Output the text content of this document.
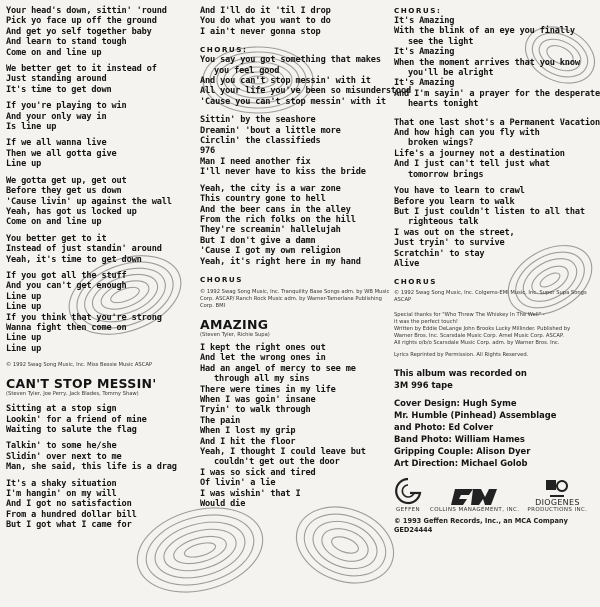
Your head's down, sittin' 'round
Pick yo face up off the ground
And get yo self together baby
And learn to stand tough
Come on and line up
We better get to it instead of
Just standing around
It's time to get down
If you're playing to win
And your only way in
Is line up
If we all wanna live
Then we all gotta give
Line up
We gotta get up, get out
Before they get us down
'Cause livin' up against the wall
Yeah, has got us locked up
Come on and line up
You better get to it
Instead of just standin' around
Yeah, it's time to get down
If you got all the stuff
And you can't get enough
Line up
Line up
If you think that you're strong
Wanna fight then come on
Line up
Line up
© 1992 Swag Song Music, Inc. Miss Bessie Music ASCAP
CAN'T STOP MESSIN'
(Steven Tyler, Joe Perry, Jack Blades, Tommy Shaw)
Sitting at a stop sign
Lookin' for a friend of mine
Waiting to salute the flag
Talkin' to some he/she
Slidin' over next to me
Man, she said, this life is a drag
It's a shaky situation
I'm hangin' on my will
And I got no satisfaction
From a hundred dollar bill
But I got what I came for
And I'll do it 'til I drop
You do what you want to do
I ain't never gonna stop
CHORUS:
You say you got something that makes
you feel good
And you can't stop messin' with it
All your life you've been so misunderstood
'Cause you can't stop messin' with it
Sittin' by the seashore
Dreamin' 'bout a little more
Circlin' the classifieds
976
Man I need another fix
I'll never have to kiss the bride
Yeah, the city is a war zone
This country gone to hell
And the beer cans in the alley
From the rich folks on the hill
They're screamin' hallelujah
But I don't give a damn
'Cause I got my own religion
Yeah, it's right here in my hand
CHORUS
© 1992 Swag Song Music, Inc. Tranquility Base Songs adm. by WB Music Corp. ASCAP/ Ranch Rock Music adm. by Warner-Tamerlane Publishing Corp. BMI
AMAZING
(Steven Tyler, Richie Supa)
I kept the right ones out
And let the wrong ones in
Had an angel of mercy to see me
through all my sins
There were times in my life
When I was goin' insane
Tryin' to walk through
The pain
When I lost my grip
And I hit the floor
Yeah, I thought I could leave but
couldn't get out the door
I was so sick and tired
Of livin' a lie
I was wishin' that I
Would die
CHORUS:
It's Amazing
With the blink of an eye you finally
see the light
It's Amazing
When the moment arrives that you know
you'll be alright
It's Amazing
And I'm sayin' a prayer for the desperate
hearts tonight
That one last shot's a Permanent Vacation
And how high can you fly with
broken wings?
Life's a journey not a destination
And I just can't tell just what
tomorrow brings
You have to learn to crawl
Before you learn to walk
But I just couldn't listen to all that
righteous talk
I was out on the street,
Just tryin' to survive
Scratchin' to stay
Alive
CHORUS
© 1992 Swag Song Music, Inc. Colgems-EMI Music, Inc. Super Supa Songs ASCAP
Special thanks for "Who Threw The Whiskey In The Well" -
it was the perfect touch!
Written by Eddie DeLange John Brooks Lucky Millinder. Published by
Warner Bros. Inc. Scarsdale Music Corp. Arnel Music Corp. ASCAP.
All rights o/b/o Scarsdale Music Corp. adm. by Warner Bros. Inc.
Lyrics Reprinted by Permission. All Rights Reserved.
This album was recorded on
3M 996 tape
Cover Design: Hugh Syme
Mr. Humble (Pinhead) Assemblage
and Photo: Ed Colver
Band Photo: William Hames
Gripping Couple: Alison Dyer
Art Direction: Michael Golob
GEFFEN COLLINS MANAGEMENT, INC.
DIOGENES
PRODUCTIONS INC.
© 1993 Geffen Records, Inc., an MCA Company
GED24444
